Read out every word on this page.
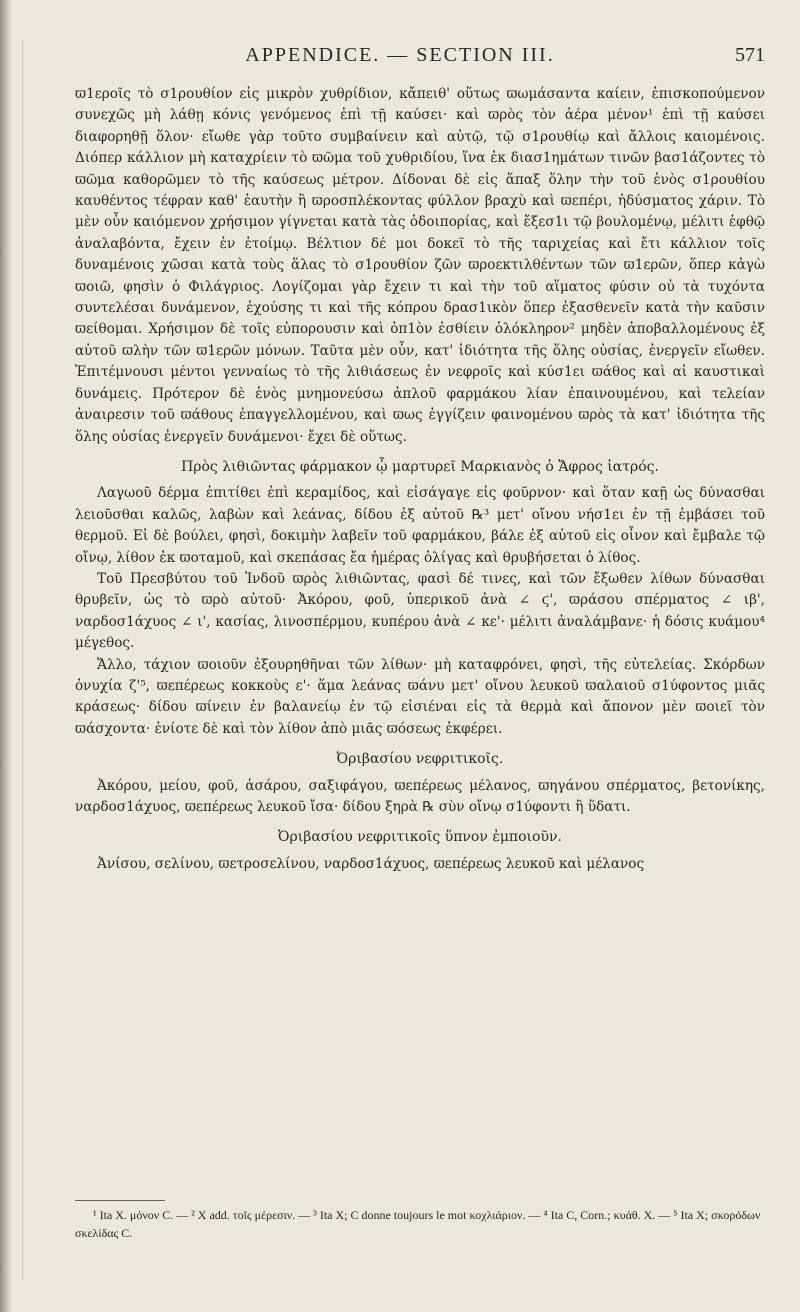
APPENDICE. — SECTION III.	571

ϖ1εροῖς τὸ σ1ρουθίον εἰς μικρὸν χυθρίδιον, κἄπειθ' οὕτως ϖωμάσαντα καίειν, ἐπισκοπούμενον συνεχῶς μὴ λάθῃ κόνις γενόμενος ἐπὶ τῇ καύσει· καὶ ϖρὸς τὸν ἀέρα μένον¹ ἐπὶ τῇ καύσει διαφορηθῇ ὅλον· εἴωθε γὰρ τοῦτο συμβαίνειν καὶ αὐτῷ, τῷ σ1ρουθίῳ καὶ ἄλλοις καιομένοις. Διόπερ κάλλιον μὴ καταχρίειν τὸ ϖῶμα τοῦ χυθριδίου, ἵνα ἐκ διασ1ημάτων τινῶν βασ1άζοντες τὸ ϖῶμα καθορῶμεν τὸ τῆς καύσεως μέτρον. Δίδοναι δὲ εἰς ἅπαξ ὅλην τὴν τοῦ ἑνὸς σ1ρουθίου καυθέντος τέφραν καθ' ἑαυτὴν ἢ ϖροσπλέκοντας φύλλον βραχὺ καὶ ϖεπέρι, ἡδύσματος χάριν. Τὸ μὲν οὖν καιόμενον χρήσιμον γίγνεται κατὰ τὰς ὁδοιπορίας, καὶ ἔξεσ1ι τῷ βουλομένῳ, μέλιτι ἑφθῷ ἀναλαβόντα, ἔχειν ἐν ἑτοίμῳ. Βέλτιον δέ μοι δοκεῖ τὸ τῆς ταριχείας καὶ ἔτι κάλλιον τοῖς δυναμένοις χῶσαι κατὰ τοὺς ἅλας τὸ σ1ρουθίον ζῶν ϖροεκτιλθέντων τῶν ϖ1ερῶν, ὅπερ κἀγὼ ϖοιῶ, φησὶν ὁ Φιλάγριος. Λογίζομαι γὰρ ἔχειν τι καὶ τὴν τοῦ αἵματος φύσιν οὐ τὰ τυχόντα συντελέσαι δυνάμενον, ἐχούσης τι καὶ τῆς κόπρου δρασ1ικὸν ὅπερ ἐξασθενεῖν κατὰ τὴν καῦσιν ϖείθομαι. Χρήσιμον δὲ τοῖς εὐπορουσιν καὶ ὀπ1ὸν ἐσθίειν ὁλόκληρον² μηδὲν ἀποβαλλομένους ἐξ αὐτοῦ ϖλὴν τῶν ϖ1ερῶν μόνων. Ταῦτα μὲν οὖν, κατ' ἰδιότητα τῆς ὅλης οὐσίας, ἐνεργεῖν εἴωθεν. Ἐπιτέμνουσι μέντοι γενναίως τὸ τῆς λιθιάσεως ἐν νεφροῖς καὶ κύσ1ει ϖάθος καὶ αἱ καυστικαὶ δυνάμεις. Πρότερον δὲ ἑνὸς μνημονεύσω ἁπλοῦ φαρμάκου λίαν ἐπαινουμένου, καὶ τελείαν ἀναιρεσιν τοῦ ϖάθους ἐπαγγελλομένου, καὶ ϖως ἐγγίζειν φαινομένου ϖρὸς τὰ κατ' ἰδιότητα τῆς ὅλης οὐσίας ἐνεργεῖν δυνάμενοι· ἔχει δὲ οὕτως.

Πρὸς λιθιῶντας φάρμακον ᾧ μαρτυρεῖ Μαρκιανὸς ὁ Ἄφρος ἰατρός.

Λαγωοῦ δέρμα ἐπιτίθει ἐπὶ κεραμίδος, καὶ εἰσάγαγε εἰς φοῦρνον· καὶ ὅταν καῇ ὡς δύνασθαι λειοῦσθαι καλῶς, λαβὼν καὶ λεάνας, δίδου ἐξ αὐτοῦ ℞³ μετ' οἴνου νήσ1ει ἐν τῇ ἐμβάσει τοῦ θερμοῦ. Εἰ δὲ βούλει, φησὶ, δοκιμὴν λαβεῖν τοῦ φαρμάκου, βάλε ἐξ αὐτοῦ εἰς οἶνον καὶ ἔμβαλε τῷ οἴνῳ, λίθον ἐκ ϖοταμοῦ, καὶ σκεπάσας ἔα ἡμέρας ὀλίγας καὶ θρυβήσεται ὁ λίθος.

Τοῦ Πρεσβύτου τοῦ Ἰνδοῦ ϖρὸς λιθιῶντας, φασὶ δέ τινες, καὶ τῶν ἔξωθεν λίθων δύνασθαι θρυβεῖν, ὡς τὸ ϖρὸ αὐτοῦ· Ἀκόρου, φοῦ, ὑπερικοῦ ἀνὰ ∠ ϛ', ϖράσου σπέρματος ∠ ιβ', ναρδοσ1άχυος ∠ ι', κασίας, λινοσπέρμου, κυπέρου ἀνὰ ∠ κε'· μέλιτι ἀναλάμβανε· ἡ δόσις κυάμου⁴ μέγεθος.

Ἄλλο, τάχιον ϖοιοῦν ἐξουρηθῆναι τῶν λίθων· μὴ καταφρόνει, φησὶ, τῆς εὐτελείας. Σκόρδων ὀνυχία ζ'⁵, ϖεπέρεως κοκκοὺς ε'· ἅμα λεάνας ϖάνυ μετ' οἴνου λευκοῦ ϖαλαιοῦ σ1ύφοντος μιᾶς κράσεως· δίδου ϖίνειν ἐν βαλανείῳ ἐν τῷ εἰσιέναι εἰς τὰ θερμὰ καὶ ἄπονον μὲν ϖοιεῖ τὸν ϖάσχοντα· ἐνίοτε δὲ καὶ τὸν λίθον ἀπὸ μιᾶς ϖόσεως ἐκφέρει.

Ὀριβασίου νεφριτικοῖς.

Ἀκόρου, μείου, φοῦ, ἀσάρου, σαξιφάγου, ϖεπέρεως μέλανος, ϖηγάνου σπέρματος, βετονίκης, ναρδοσ1άχυος, ϖεπέρεως λευκοῦ ἴσα· δίδου ξηρὰ ℞ σὺν οἴνῳ σ1ύφοντι ἢ ὕδατι.

Ὀριβασίου νεφριτικοῖς ὕπνον ἐμποιοῦν.

Ἀνίσου, σελίνου, ϖετροσελίνου, ναρδοσ1άχυος, ϖεπέρεως λευκοῦ καὶ μέλανος

¹ Ita X. μόνον C. — ² X add. τοῖς μέρεσιν. — ³ Ita X; C donne toujours le mot κοχλιάριον. — ⁴ Ita C, Corn.; κυάθ. X. — ⁵ Ita X; σκορόδων σκελίδας C.
